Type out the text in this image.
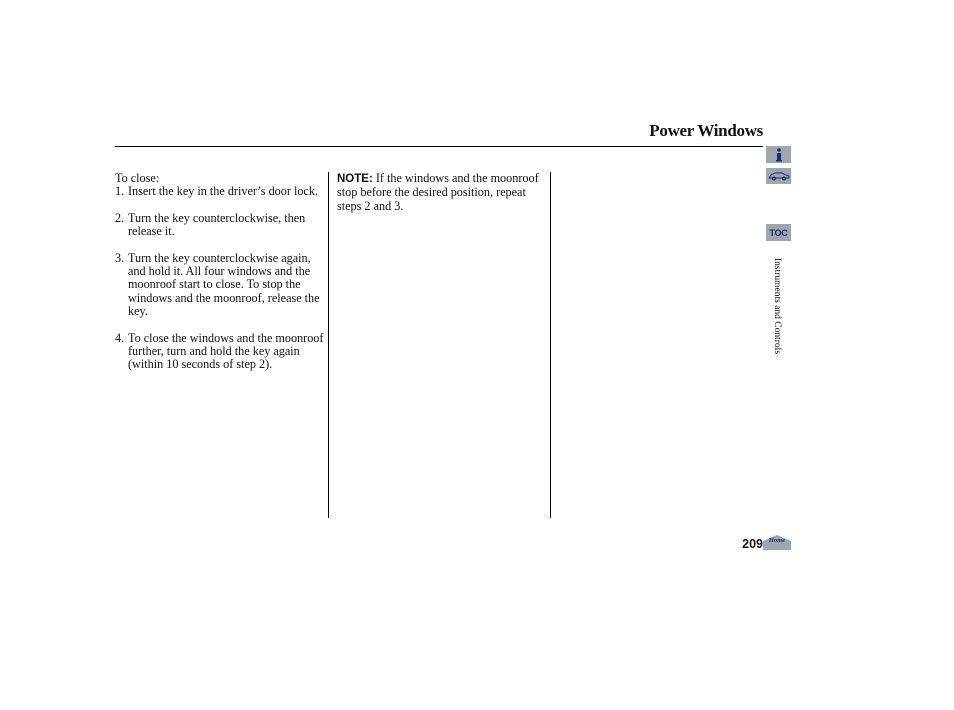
Power Windows

To close:

1. Insert the key in the driver’s door lock.
2. Turn the key counterclockwise, then release it.
3. Turn the key counterclockwise again, and hold it. All four windows and the moonroof start to close. To stop the windows and the moonroof, release the key.
4. To close the windows and the moonroof further, turn and hold the key again (within 10 seconds of step 2).
NOTE: If the windows and the moonroof stop before the desired position, repeat steps 2 and 3.
TOC
Instruments and Controls
209 Home
